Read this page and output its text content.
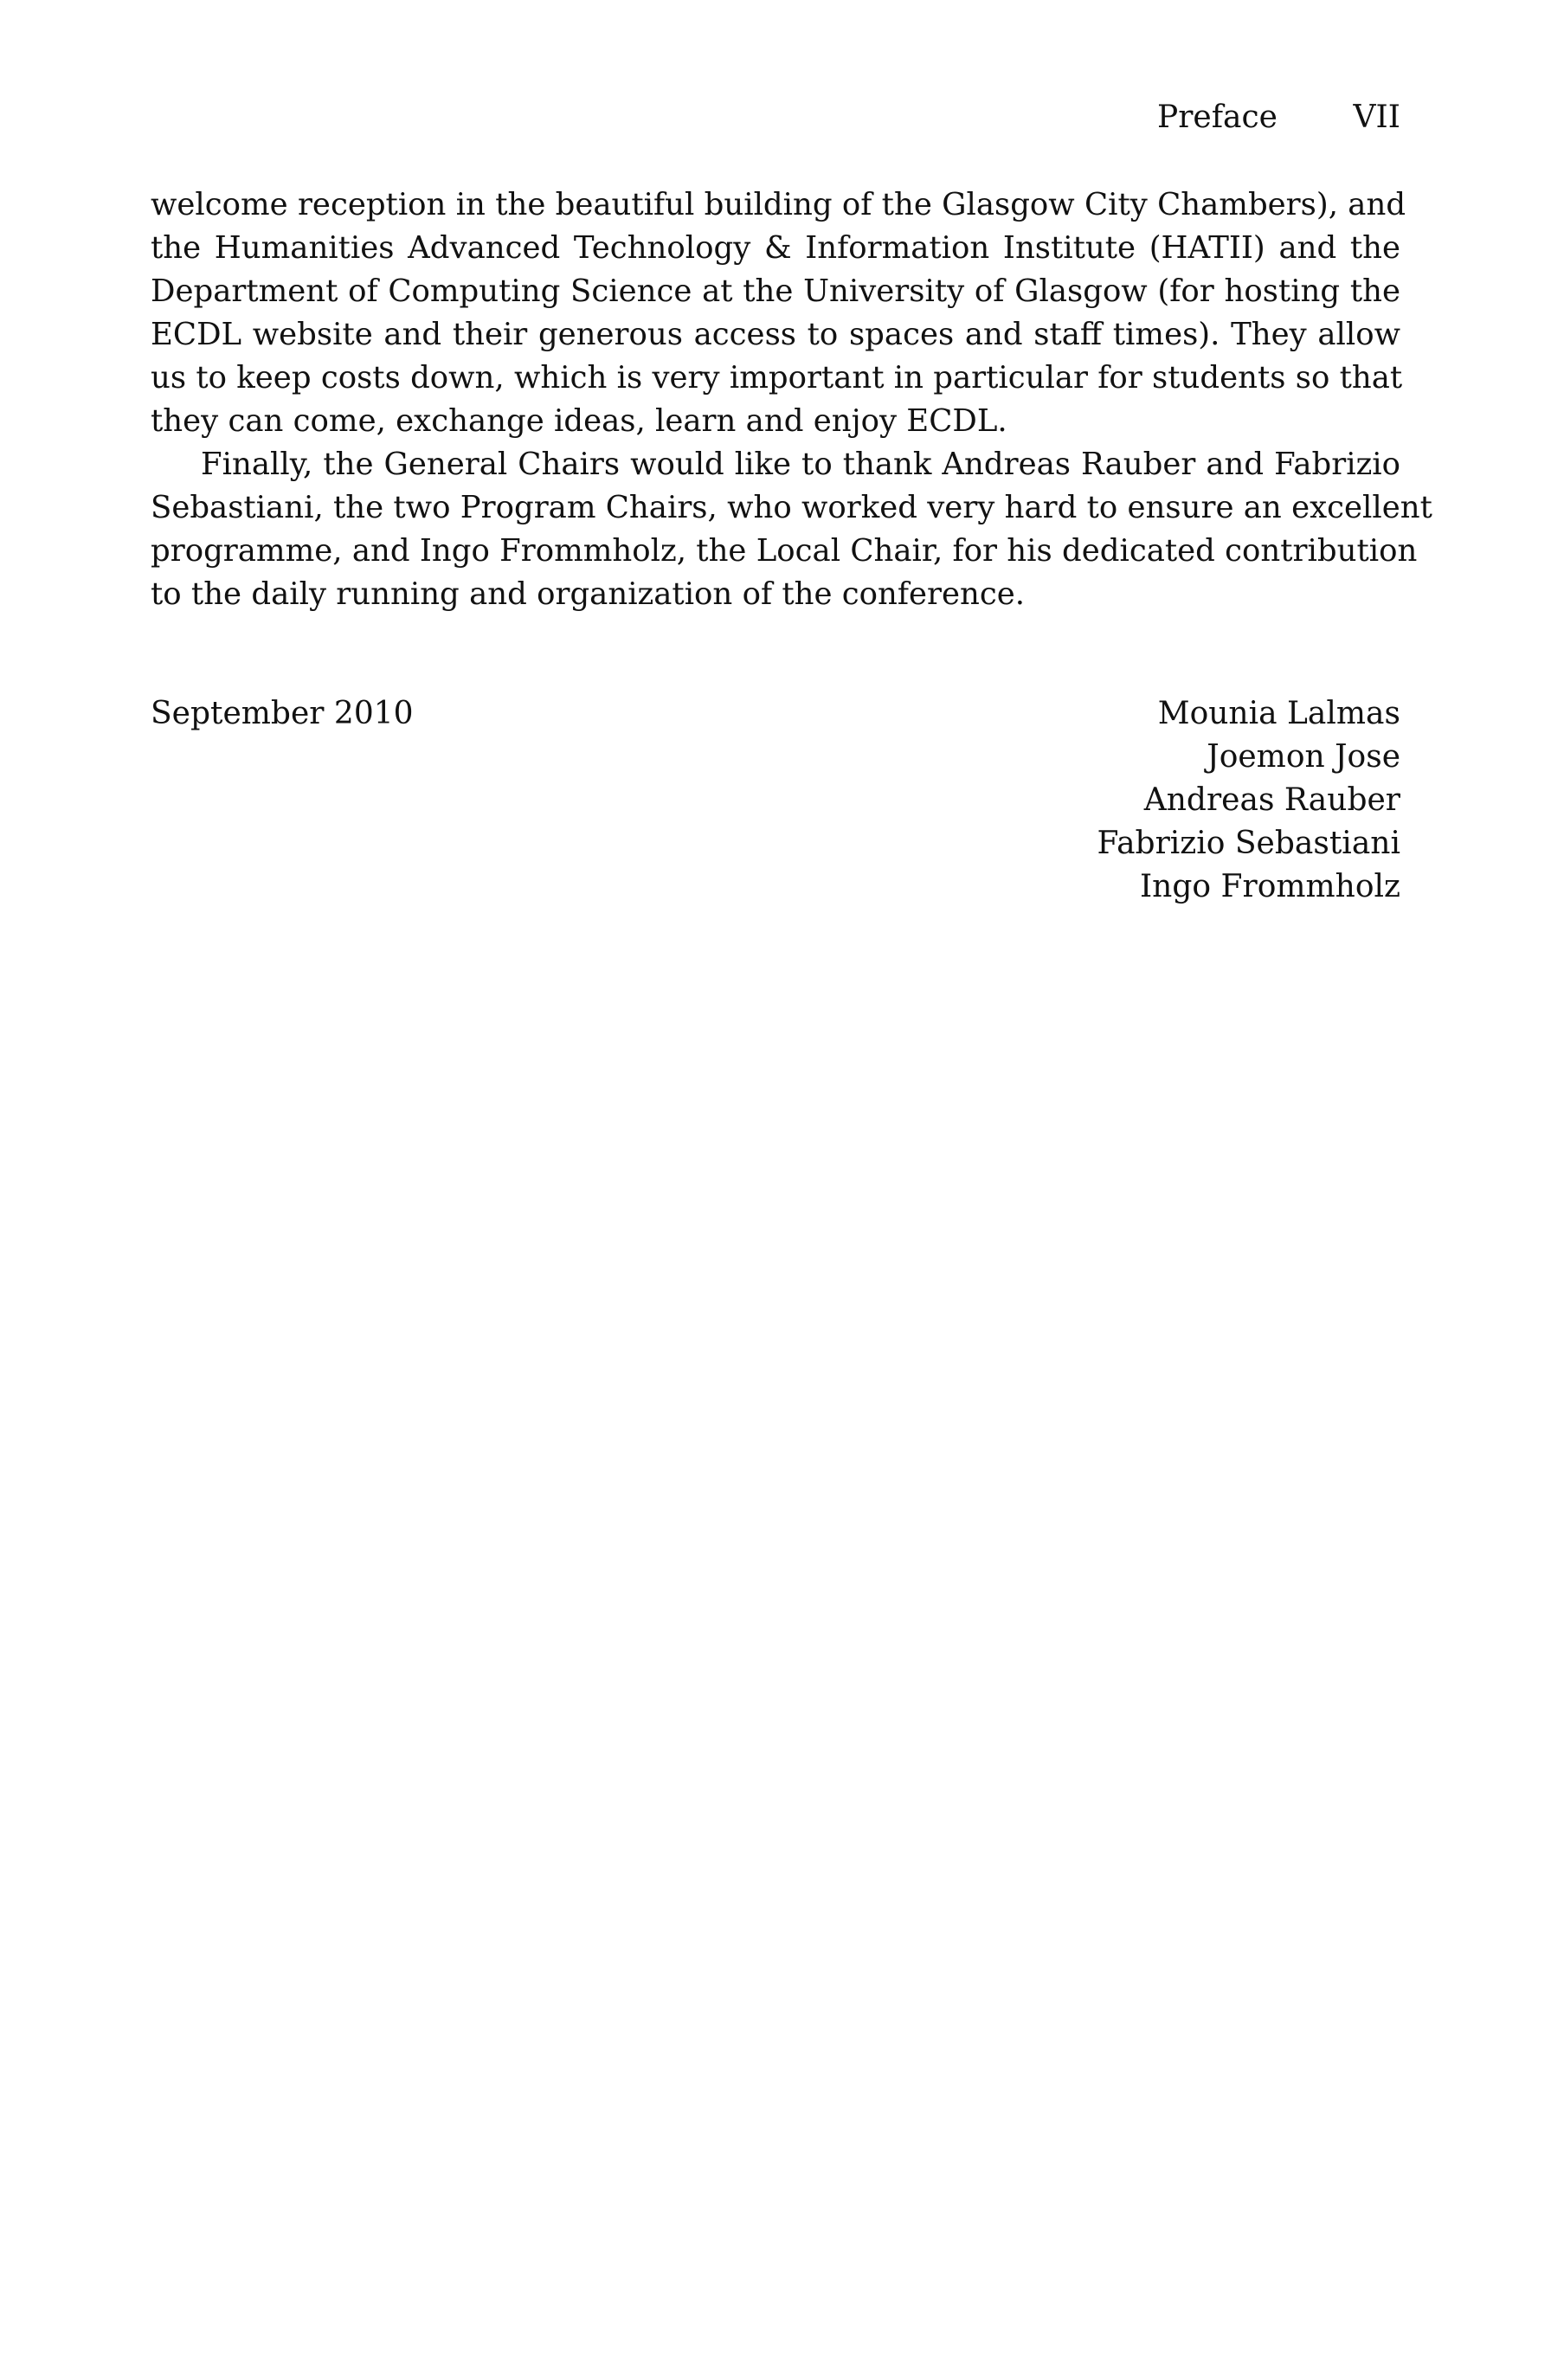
Preface VII

welcome reception in the beautiful building of the Glasgow City Chambers), and
the Humanities Advanced Technology & Information Institute (HATII) and the
Department of Computing Science at the University of Glasgow (for hosting the
ECDL website and their generous access to spaces and staff times). They allow
us to keep costs down, which is very important in particular for students so that
they can come, exchange ideas, learn and enjoy ECDL.

Finally, the General Chairs would like to thank Andreas Rauber and Fabrizio
Sebastiani, the two Program Chairs, who worked very hard to ensure an excellent
programme, and Ingo Frommholz, the Local Chair, for his dedicated contribution
to the daily running and organization of the conference.

September 2010	Mounia Lalmas
Joemon Jose
Andreas Rauber
Fabrizio Sebastiani
Ingo Frommholz
